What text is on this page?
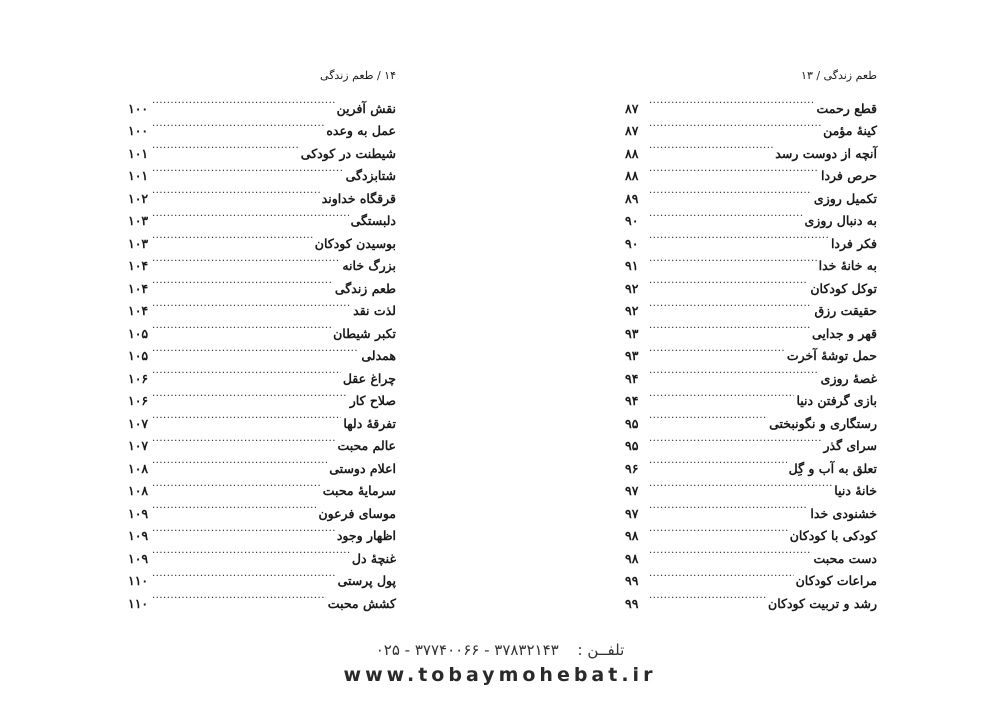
طعم زندگی / ۱۳
قطع رحمت
.....
۸۷
کینهٔ مؤمن
.....
۸۷
آنچه از دوست رسد
.....
۸۸
حرص فردا
.....
۸۸
تکمیل روزی
.....
۸۹
به دنبال روزی
.....
۹۰
فکر فردا
.....
۹۰
به خانهٔ خدا
.....
۹۱
توکل کودکان
.....
۹۲
حقیقت رزق
.....
۹۲
قهر و جدایی
.....
۹۳
حمل توشهٔ آخرت
.....
۹۳
غصهٔ روزی
.....
۹۴
بازی گرفتن دنیا
.....
۹۴
رستگاری و نگونبختی
.....
۹۵
سرای گذر
.....
۹۵
تعلق به آب و گِل
.....
۹۶
خانهٔ دنیا
.....
۹۷
خشنودی خدا
.....
۹۷
کودکی با کودکان
.....
۹۸
دست محبت
.....
۹۸
مراعات کودکان
.....
۹۹
رشد و تربیت کودکان
.....
۹۹
۱۴ / طعم زندگی
نقش آفرین
.....
۱۰۰
عمل به وعده
.....
۱۰۰
شیطنت در کودکی
.....
۱۰۱
شتابزدگی
.....
۱۰۱
قرقگاه خداوند
.....
۱۰۲
دلبستگی
.....
۱۰۳
بوسیدن کودکان
.....
۱۰۳
بزرگ خانه
.....
۱۰۴
طعم زندگی
.....
۱۰۴
لذت نقد
.....
۱۰۴
تکبر شیطان
.....
۱۰۵
همدلی
.....
۱۰۵
چراغ عقل
.....
۱۰۶
صلاح کار
.....
۱۰۶
تفرقهٔ دلها
.....
۱۰۷
عالم محبت
.....
۱۰۷
اعلام دوستی
.....
۱۰۸
سرمایهٔ محبت
.....
۱۰۸
موسای فرعون
.....
۱۰۹
اظهار وجود
.....
۱۰۹
غنچهٔ دل
.....
۱۰۹
پول پرستی
.....
۱۱۰
کشش محبت
.....
۱۱۰
تلفــن : ۳۷۸۳۲۱۴۳ - ۳۷۷۴۰۰۶۶ - ۰۲۵
www.tobaymohebat.ir
